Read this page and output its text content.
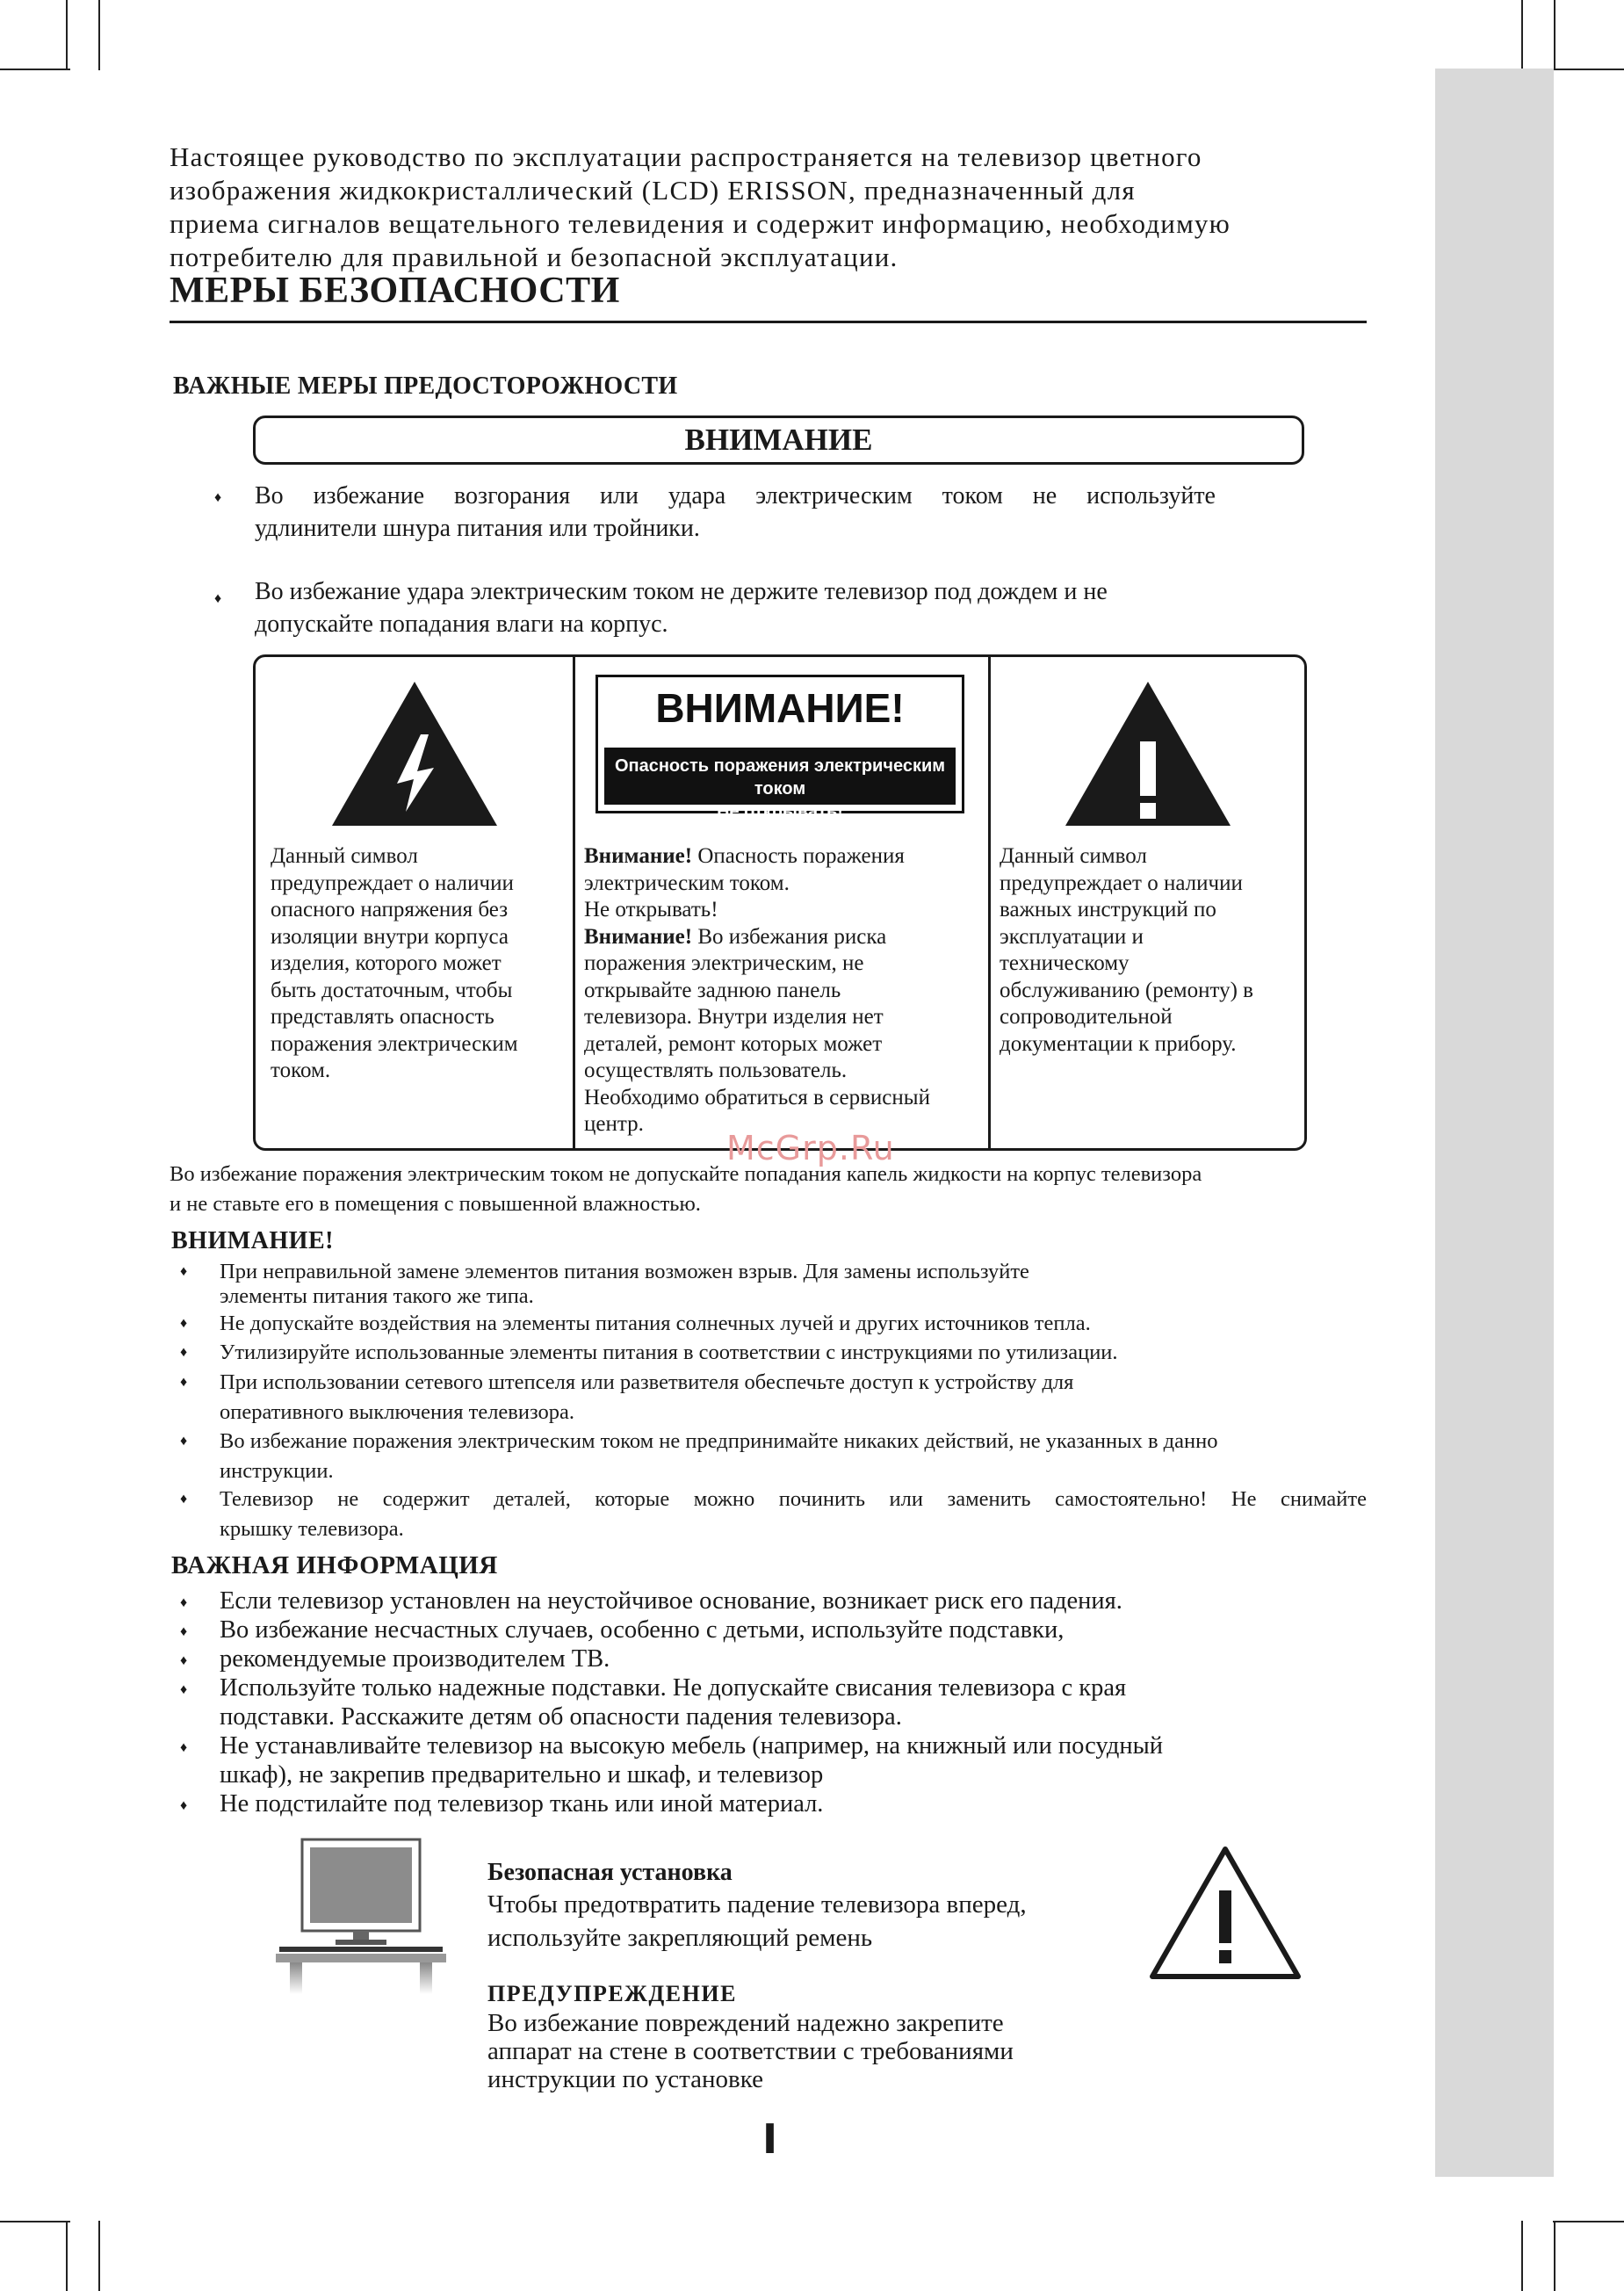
Настоящее руководство по эксплуатации распространяется на телевизор цветного
изображения жидкокристаллический (LCD) ERISSON, предназначенный для
приема сигналов вещательного телевидения и содержит информацию, необходимую
потребителю для правильной и безопасной эксплуатации.
МЕРЫ БЕЗОПАСНОСТИ
ВАЖНЫЕ МЕРЫ ПРЕДОСТОРОЖНОСТИ
ВНИМАНИЕ
♦ Во избежание возгорания или удара электрическим током не используйте
удлинители шнура питания или тройники.
♦ Во избежание удара электрическим током не держите телевизор под дождем и не
допускайте попадания влаги на корпус.
Данный символ
предупреждает о наличии
опасного напряжения без
изоляции внутри корпуса
изделия, которого может
быть достаточным, чтобы
представлять опасность
поражения электрическим
током.
Внимание! Опасность поражения
электрическим током.
Не открывать!
Внимание! Во избежания риска
поражения электрическим, не
открывайте заднюю панель
телевизора. Внутри изделия нет
деталей, ремонт которых может
осуществлять пользователь.
Необходимо обратиться в сервисный
центр.
Данный символ
предупреждает о наличии
важных инструкций по
эксплуатации и
техническому
обслуживанию (ремонту) в
сопроводительной
документации к прибору.
ВНИМАНИЕ!
Опасность поражения электрическим током
Не открывать!
McGrp.Ru
Во избежание поражения электрическим током не допускайте попадания капель жидкости на корпус телевизора
и не ставьте его в помещения с повышенной влажностью.
ВНИМАНИЕ!
♦ При неправильной замене элементов питания возможен взрыв. Для замены используйте
элементы питания такого же типа.
♦ Не допускайте воздействия на элементы питания солнечных лучей и других источников тепла.
♦ Утилизируйте использованные элементы питания в соответствии с инструкциями по утилизации.
♦ При использовании сетевого штепселя или разветвителя обеспечьте доступ к устройству для
оперативного выключения телевизора.
♦ Во избежание поражения электрическим током не предпринимайте никаких действий, не указанных в данно
инструкции.
♦ Телевизор не содержит деталей, которые можно починить или заменить самостоятельно! Не снимайте
крышку телевизора.
ВАЖНАЯ ИНФОРМАЦИЯ
♦ Если телевизор установлен на неустойчивое основание, возникает риск его падения.
♦ Во избежание несчастных случаев, особенно с детьми, используйте подставки,
♦ рекомендуемые производителем ТВ.
♦ Используйте только надежные подставки. Не допускайте свисания телевизора с края
подставки. Расскажите детям об опасности падения телевизора.
♦ Не устанавливайте телевизор на высокую мебель (например, на книжный или посудный
шкаф), не закрепив предварительно и шкаф, и телевизор
♦ Не подстилайте под телевизор ткань или иной материал.
Безопасная установка
Чтобы предотвратить падение телевизора вперед,
используйте закрепляющий ремень
ПРЕДУПРЕЖДЕНИЕ
Во избежание повреждений надежно закрепите
аппарат на стене в соответствии с требованиями
инструкции по установке
I
